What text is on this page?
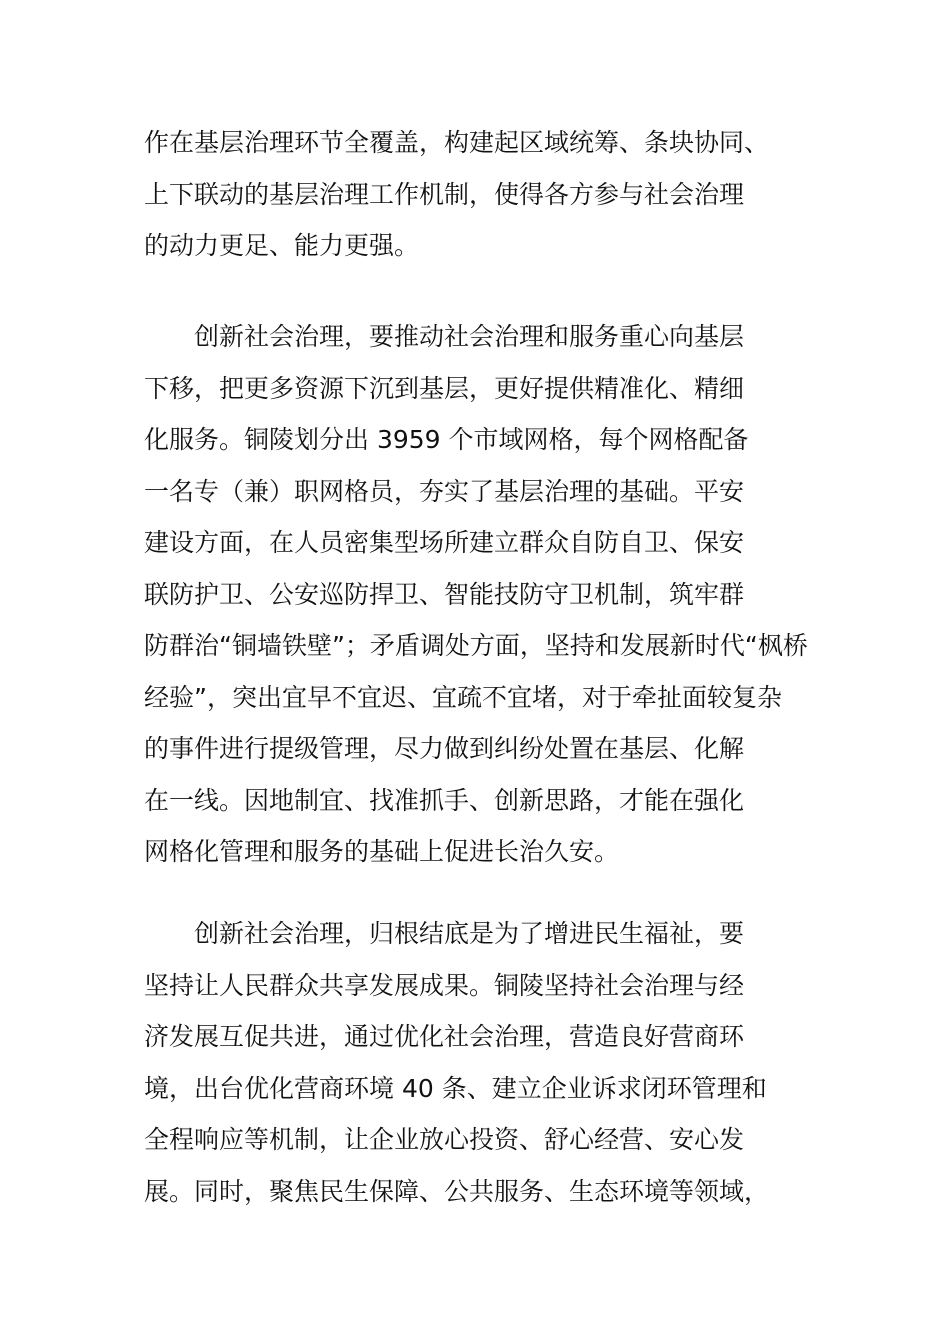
作在基层治理环节全覆盖，构建起区域统筹、条块协同、
上下联动的基层治理工作机制，使得各方参与社会治理
的动力更足、能力更强。
　　创新社会治理，要推动社会治理和服务重心向基层
下移，把更多资源下沉到基层，更好提供精准化、精细
化服务。铜陵划分出 3959 个市域网格，每个网格配备
一名专（兼）职网格员，夯实了基层治理的基础。平安
建设方面，在人员密集型场所建立群众自防自卫、保安
联防护卫、公安巡防捍卫、智能技防守卫机制，筑牢群
防群治“铜墙铁壁”；矛盾调处方面，坚持和发展新时代“枫桥
经验”，突出宜早不宜迟、宜疏不宜堵，对于牵扯面较复杂
的事件进行提级管理，尽力做到纠纷处置在基层、化解
在一线。因地制宜、找准抓手、创新思路，才能在强化
网格化管理和服务的基础上促进长治久安。
　　创新社会治理，归根结底是为了增进民生福祉，要
坚持让人民群众共享发展成果。铜陵坚持社会治理与经
济发展互促共进，通过优化社会治理，营造良好营商环
境，出台优化营商环境 40 条、建立企业诉求闭环管理和
全程响应等机制，让企业放心投资、舒心经营、安心发
展。同时，聚焦民生保障、公共服务、生态环境等领域，
